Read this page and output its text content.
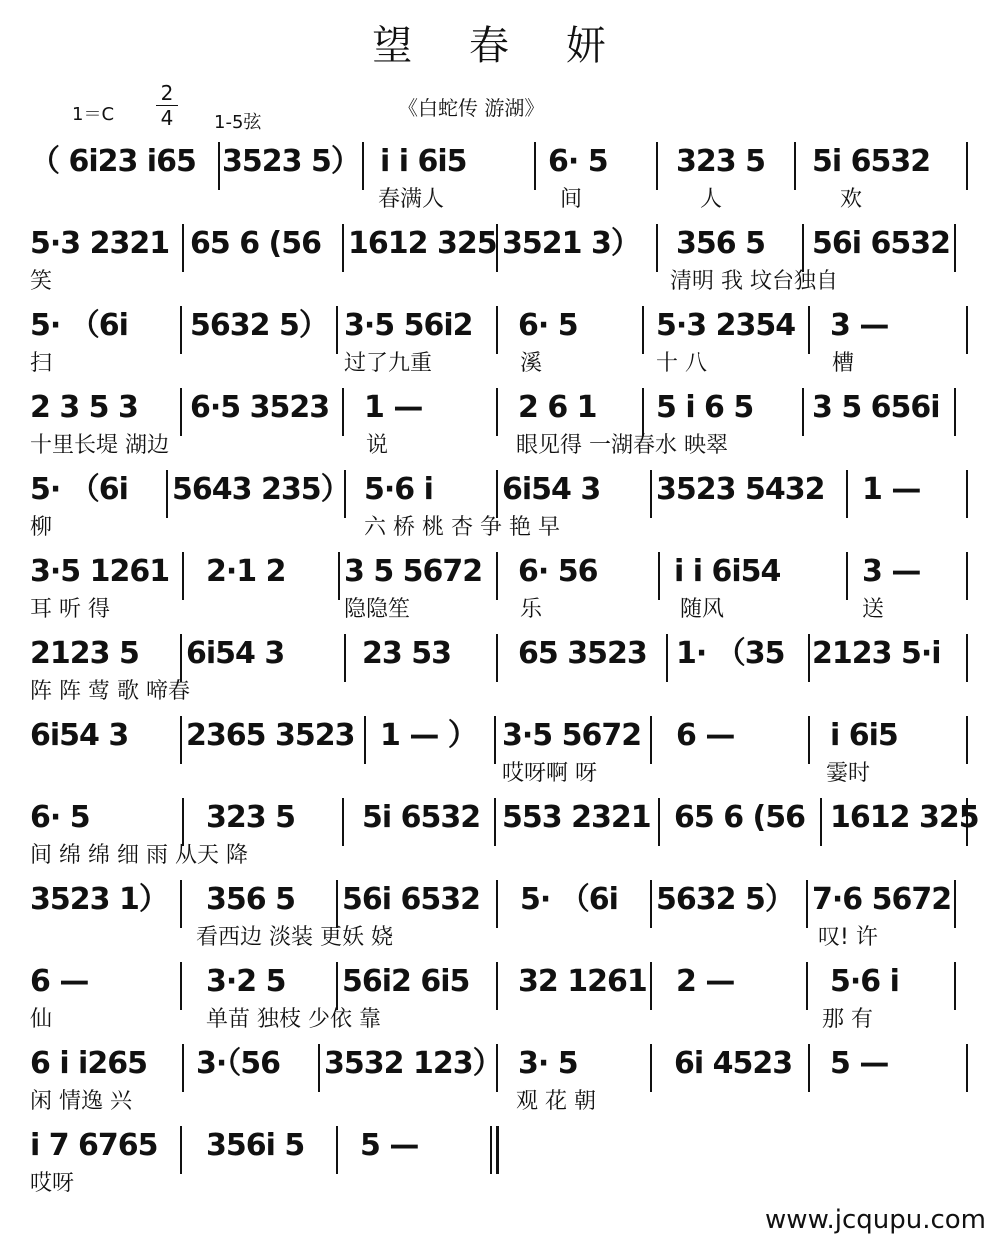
望 春 妍
1＝C
2
4 1-5弦
《白蛇传 游湖》
（ 6i23 i65 3523 5） i i 6i5	6· 5 323 5 5i 6532
春满人	间	人	欢
5·3 2321 65 6 (56 1612 325 3521 3） 356 5 56i 6532
笑	清明 我 坟台独自
5· （6i 5632 5） 3·5 56i2 6· 5	5·3 2354 3 —
扫	过了九重	溪	十 八	槽
2 3 5 3 6·5 3523 1 —	2 6 1 5 i 6 5 3 5 656i
十里长堤 湖边	说	眼见得 一湖春水 映翠
5· （6i 5643 235） 5·6 i 6i54 3 3523 5432 1 —
柳	六 桥 桃 杏 争 艳 早
3·5 1261 2·1 2 3 5 5672 6· 56	i i 6i54	3 —
耳 听 得	隐隐笙	乐	随风	送
2123 5 6i54 3	23 53 65 3523 1· （35 2123 5·i
阵 阵 莺 歌 啼春
6i54 3 2365 3523 1 — ） 3·5 5672 6 —	i 6i5
哎呀啊 呀	霎时
6· 5	323 5 5i 6532 553 2321 65 6 (56 1612 325
间 绵 绵 细 雨 从天 降
3523 1） 356 5 56i 6532 5· （6i 5632 5） 7·6 5672
看西边 淡装 更妖 娆	叹! 许
6 —	3·2 5 56i2 6i5 32 1261 2 —	5·6 i
仙	单苗 独枝 少依 靠	那 有
6 i i265 3·（56 3532 123） 3· 5	6i 4523 5 —
闲 情逸 兴	观 花 朝
i 7 6765 356i 5 5 —
哎呀
www.jcqupu.com
